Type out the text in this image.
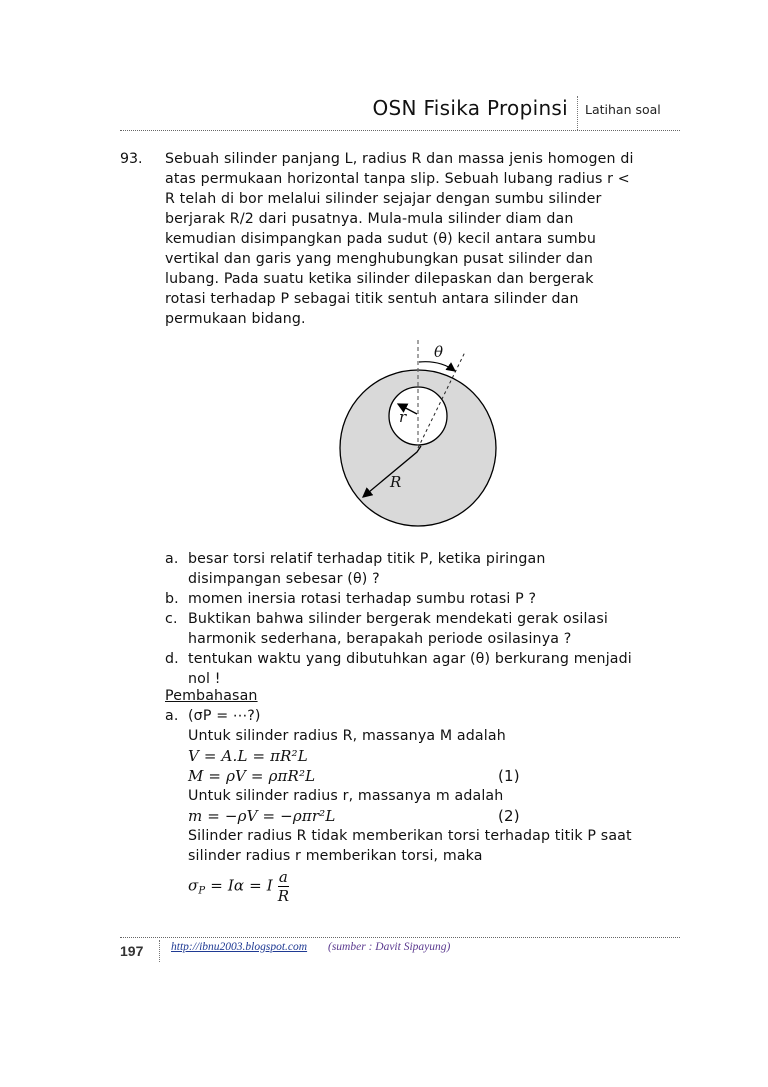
OSN Fisika Propinsi Latihan soal
93. Sebuah silinder panjang L, radius R dan massa jenis homogen di
atas permukaan horizontal tanpa slip. Sebuah lubang radius r <
R telah di bor melalui silinder sejajar dengan sumbu silinder
berjarak R/2 dari pusatnya. Mula-mula silinder diam dan
kemudian disimpangkan pada sudut (θ) kecil antara sumbu
vertikal dan garis yang menghubungkan pusat silinder dan
lubang. Pada suatu ketika silinder dilepaskan dan bergerak
rotasi terhadap P sebagai titik sentuh antara silinder dan
permukaan bidang.
θ
r
R
a. besar torsi relatif terhadap titik P, ketika piringan
disimpangan sebesar (θ) ?
b. momen inersia rotasi terhadap sumbu rotasi P ?
c. Buktikan bahwa silinder bergerak mendekati gerak osilasi
harmonik sederhana, berapakah periode osilasinya ?
d. tentukan waktu yang dibutuhkan agar (θ) berkurang menjadi
nol !
Pembahasan
a. (σP = ⋯?)
Untuk silinder radius R, massanya M adalah
V = A.L = πR²L
M = ρV = ρπR²L	(1)
Untuk silinder radius r, massanya m adalah
m = −ρV = −ρπr²L	(2)
Silinder radius R tidak memberikan torsi terhadap titik P saat
silinder radius r memberikan torsi, maka
$\sigma_P = I\alpha = I \frac{a}{R}$
197 http://ibnu2003.blogspot.com (sumber : Davit Sipayung)
